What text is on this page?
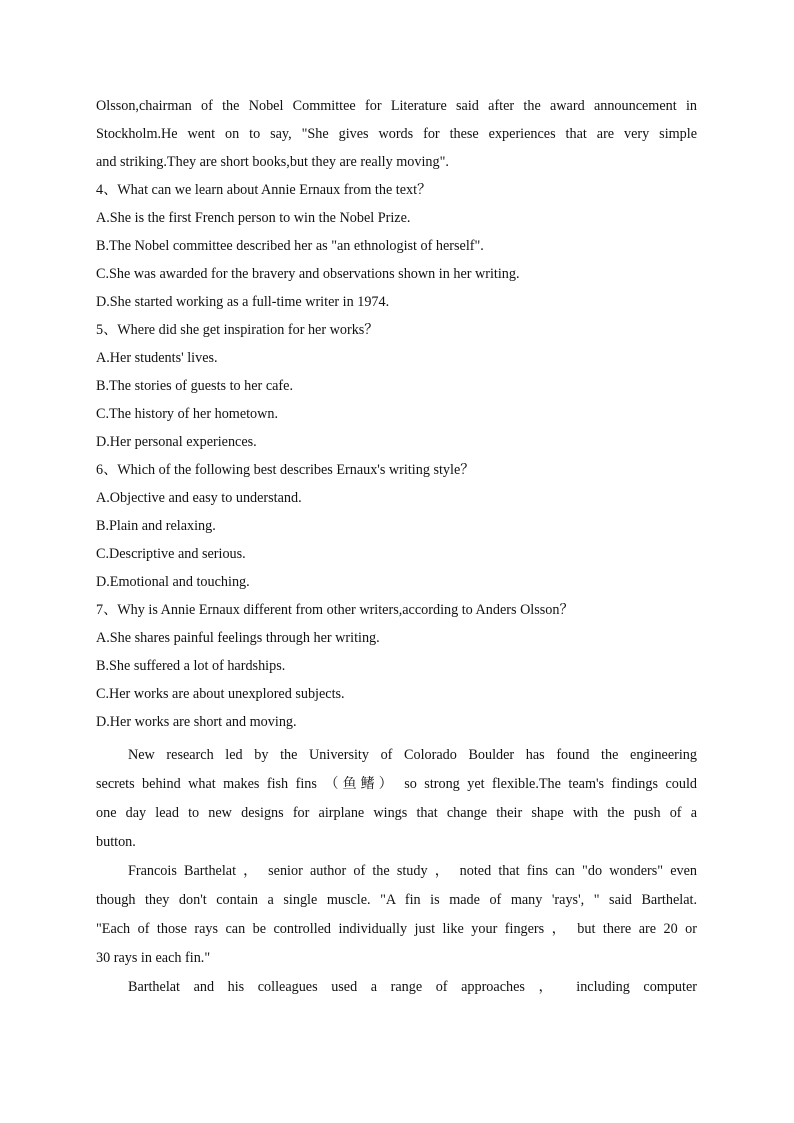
Olsson,chairman of the Nobel Committee for Literature said after the award announcement in
Stockholm.He went on to say, "She gives words for these experiences that are very simple
and striking.They are short books,but they are really moving".
4、What can we learn about Annie Ernaux from the text？
A.She is the first French person to win the Nobel Prize.
B.The Nobel committee described her as "an ethnologist of herself".
C.She was awarded for the bravery and observations shown in her writing.
D.She started working as a full-time writer in 1974.
5、Where did she get inspiration for her works？
A.Her students' lives.
B.The stories of guests to her cafe.
C.The history of her hometown.
D.Her personal experiences.
6、Which of the following best describes Ernaux's writing style？
A.Objective and easy to understand.
B.Plain and relaxing.
C.Descriptive and serious.
D.Emotional and touching.
7、Why is Annie Ernaux different from other writers,according to Anders Olsson？
A.She shares painful feelings through her writing.
B.She suffered a lot of hardships.
C.Her works are about unexplored subjects.
D.Her works are short and moving.
New research led by the University of Colorado Boulder has found the engineering
secrets behind what makes fish fins （鱼鳍） so strong yet flexible.The team's findings could
one day lead to new designs for airplane wings that change their shape with the push of a
button.
Francois Barthelat ， senior author of the study ， noted that fins can "do wonders" even
though they don't contain a single muscle. "A fin is made of many 'rays', " said Barthelat.
"Each of those rays can be controlled individually just like your fingers ， but there are 20 or
30 rays in each fin."
Barthelat and his colleagues used a range of approaches ， including computer
